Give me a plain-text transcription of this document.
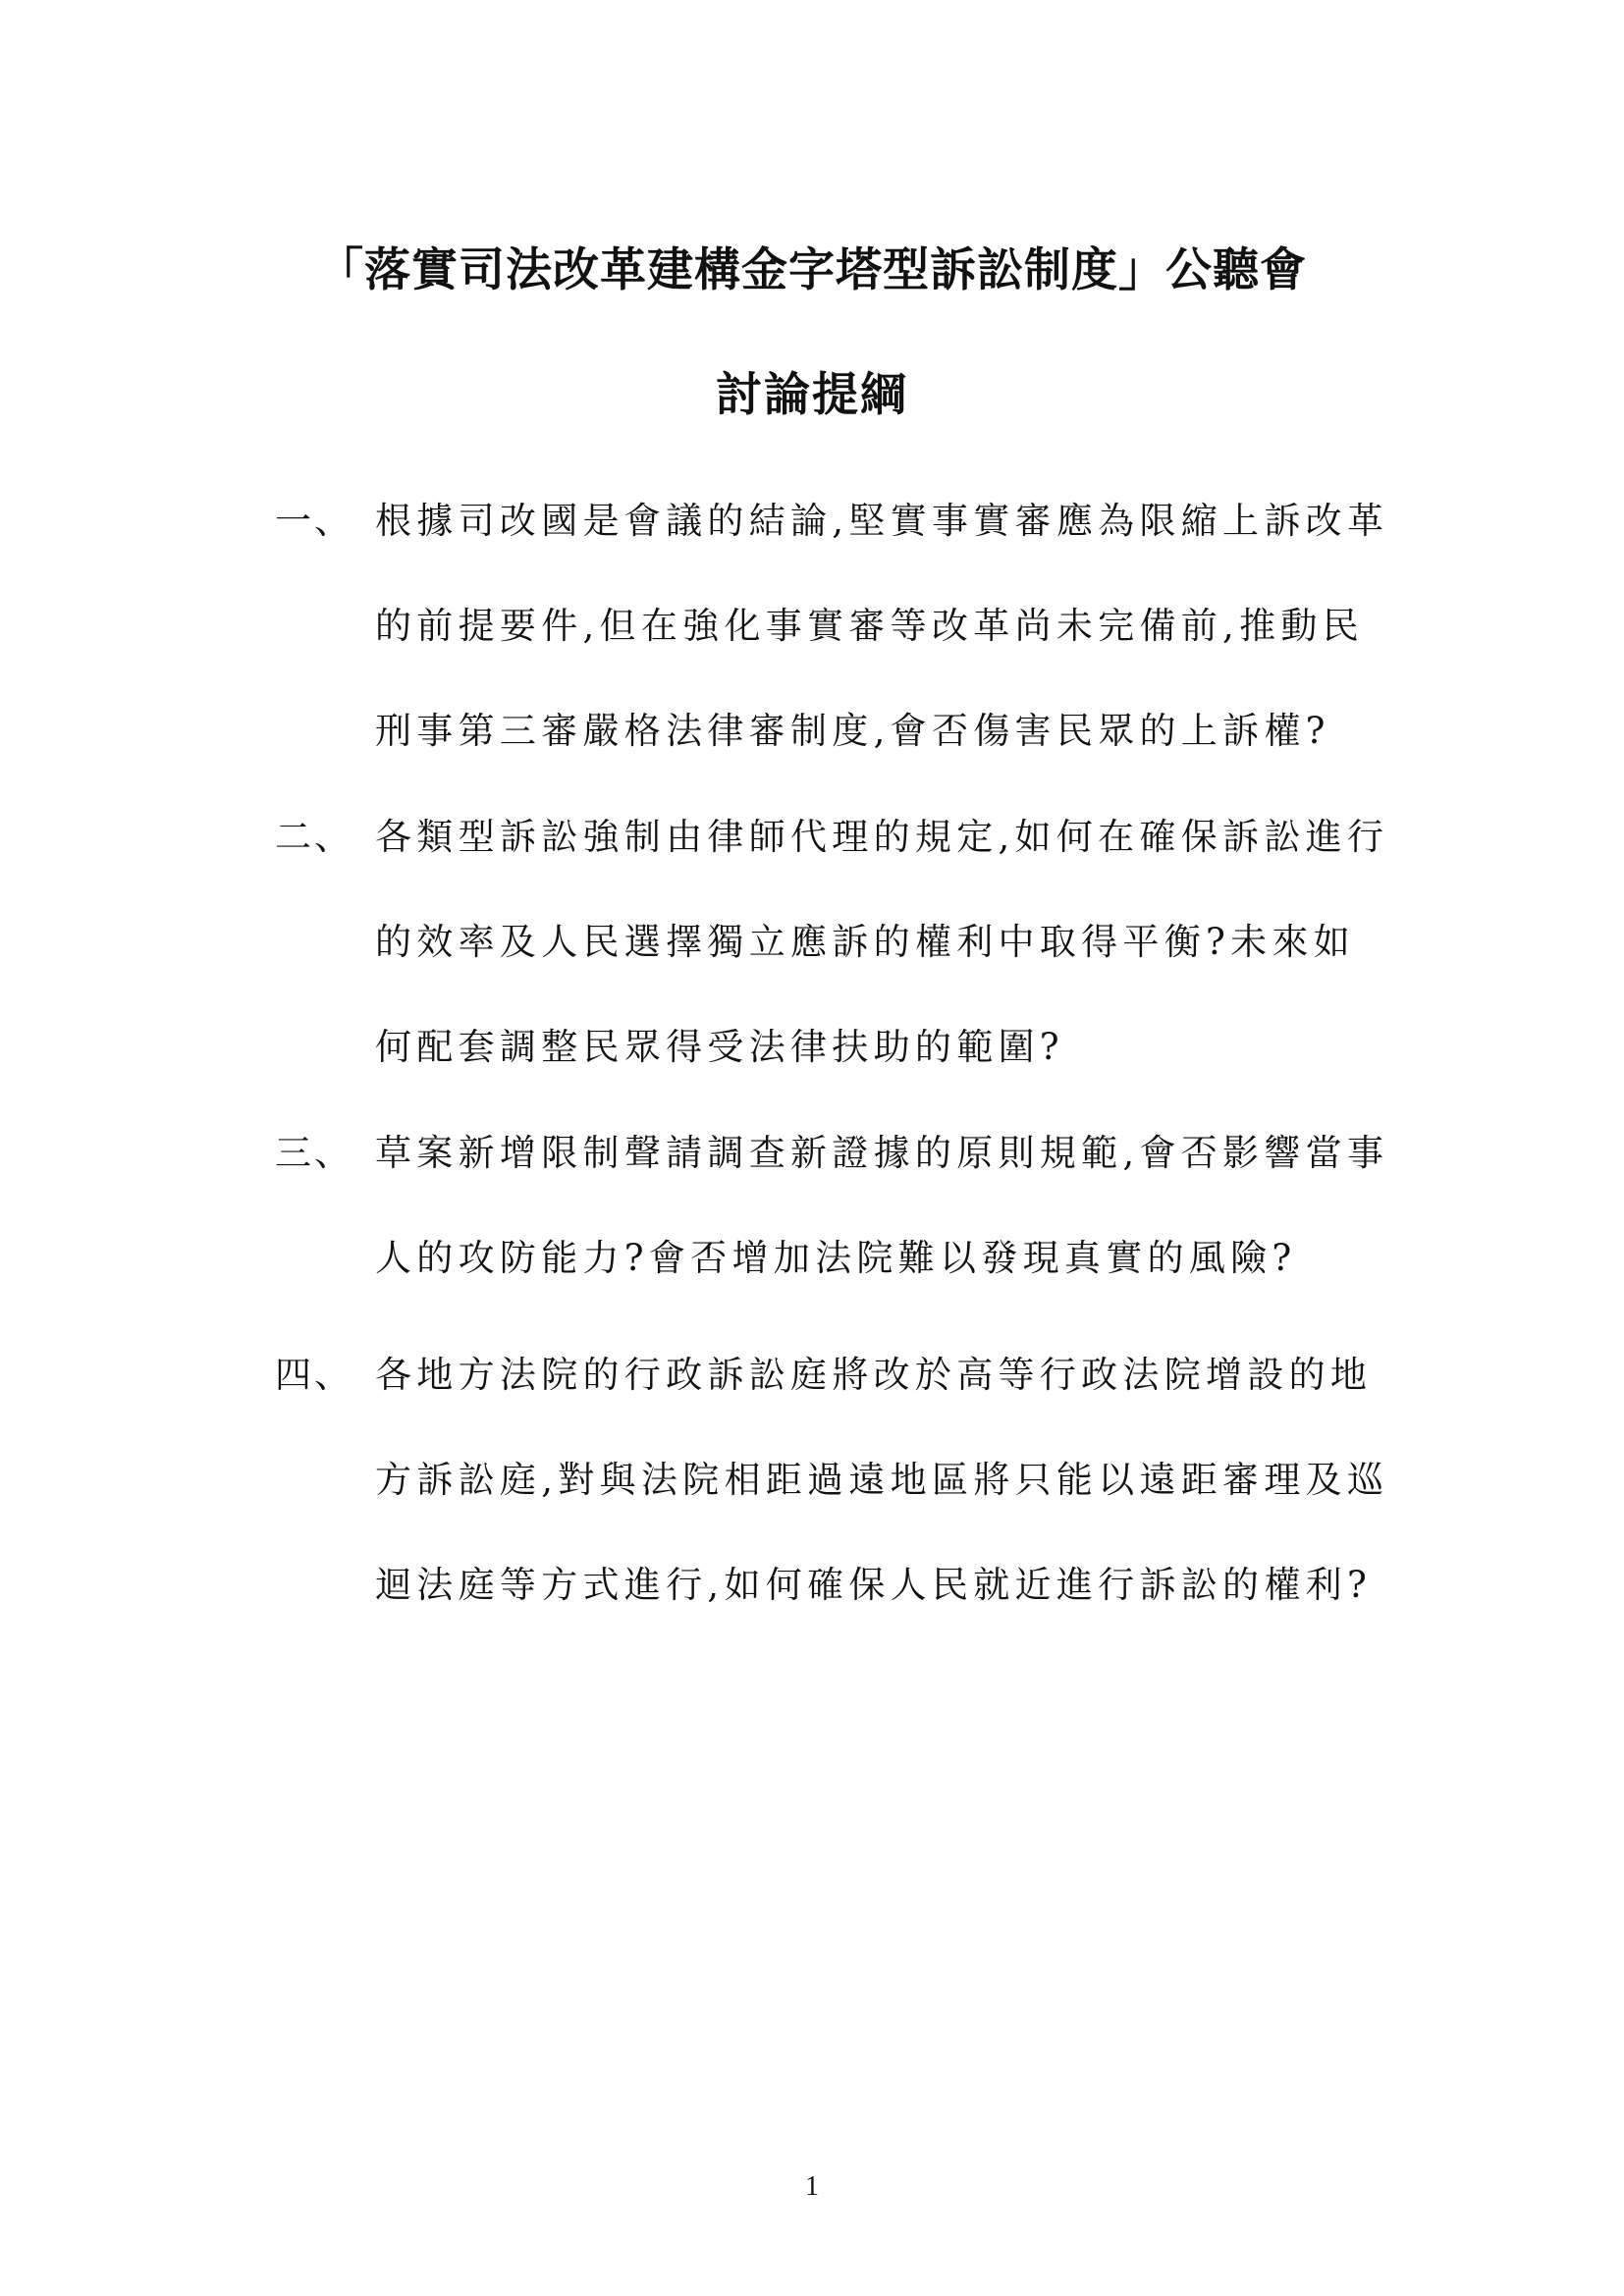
「落實司法改革建構金字塔型訴訟制度」公聽會
討論提綱
一、 根據司改國是會議的結論,堅實事實審應為限縮上訴改革
的前提要件,但在強化事實審等改革尚未完備前,推動民
刑事第三審嚴格法律審制度,會否傷害民眾的上訴權?
二、 各類型訴訟強制由律師代理的規定,如何在確保訴訟進行
的效率及人民選擇獨立應訴的權利中取得平衡?未來如
何配套調整民眾得受法律扶助的範圍?
三、 草案新增限制聲請調查新證據的原則規範,會否影響當事
人的攻防能力?會否增加法院難以發現真實的風險?
四、 各地方法院的行政訴訟庭將改於高等行政法院增設的地
方訴訟庭,對與法院相距過遠地區將只能以遠距審理及巡
迴法庭等方式進行,如何確保人民就近進行訴訟的權利?
1
